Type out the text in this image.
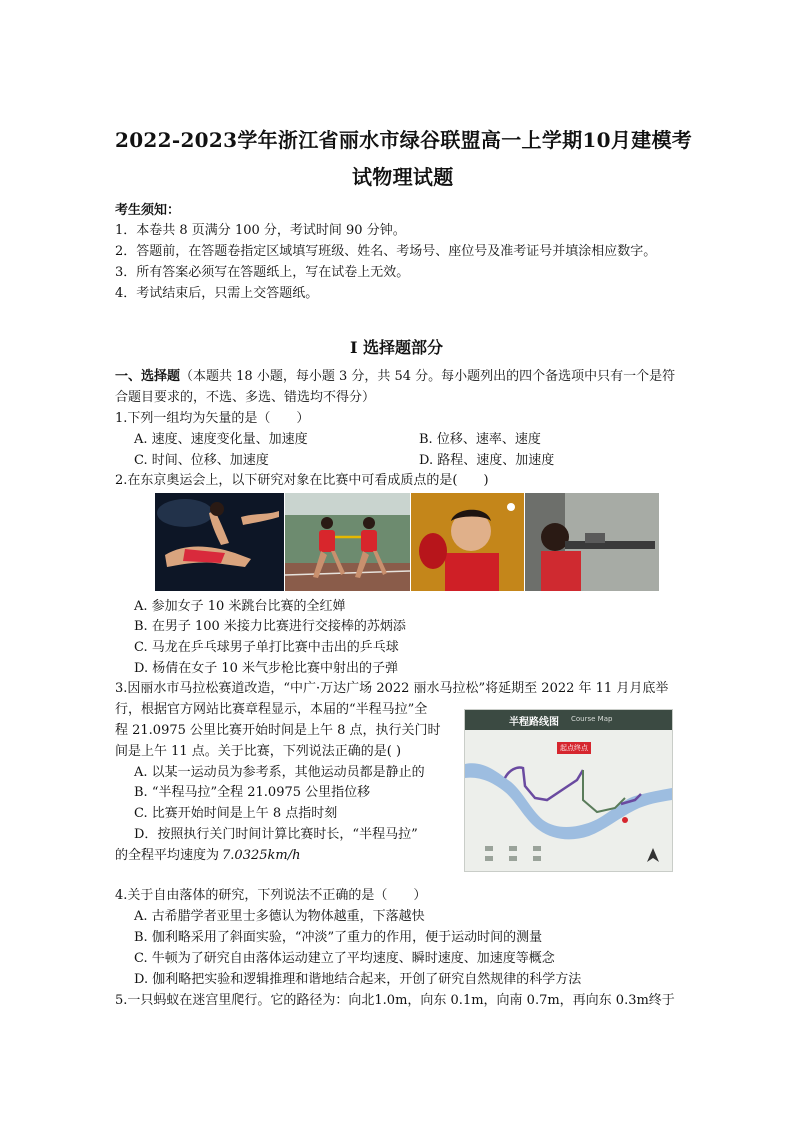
2022-2023学年浙江省丽水市绿谷联盟高一上学期10月建模考
试物理试题
考生须知：
1．本卷共 8 页满分 100 分，考试时间 90 分钟。
2．答题前，在答题卷指定区域填写班级、姓名、考场号、座位号及准考证号并填涂相应数字。
3．所有答案必须写在答题纸上，写在试卷上无效。
4．考试结束后，只需上交答题纸。
Ⅰ 选择题部分
一、选择题（本题共 18 小题，每小题 3 分，共 54 分。每小题列出的四个备选项中只有一个是符
合题目要求的，不选、多选、错选均不得分）
1.下列一组均为矢量的是（　　）
A. 速度、速度变化量、加速度	B. 位移、速率、速度
C. 时间、位移、加速度	D. 路程、速度、加速度
2.在东京奥运会上，以下研究对象在比赛中可看成质点的是(　　)
A. 参加女子 10 米跳台比赛的全红婵
B. 在男子 100 米接力比赛进行交接棒的苏炳添
C. 马龙在乒乓球男子单打比赛中击出的乒乓球
D. 杨倩在女子 10 米气步枪比赛中射出的子弹
3.因丽水市马拉松赛道改造，“中广·万达广场 2022 丽水马拉松”将延期至 2022 年 11 月月底举
行，根据官方网站比赛章程显示，本届的“半程马拉”全
程 21.0975 公里比赛开始时间是上午 8 点，执行关门时
间是上午 11 点。关于比赛，下列说法正确的是( )
A. 以某一运动员为参考系，其他运动员都是静止的
B. “半程马拉”全程 21.0975 公里指位移
C. 比赛开始时间是上午 8 点指时刻
D．按照执行关门时间计算比赛时长，“半程马拉”
的全程平均速度为 7.0325km/h
半程路线图 Course Map
起点终点
4.关于自由落体的研究，下列说法不正确的是（　　）
A. 古希腊学者亚里士多德认为物体越重，下落越快
B. 伽利略采用了斜面实验，“冲淡”了重力的作用，便于运动时间的测量
C. 牛顿为了研究自由落体运动建立了平均速度、瞬时速度、加速度等概念
D. 伽利略把实验和逻辑推理和谐地结合起来，开创了研究自然规律的科学方法
5.一只蚂蚁在迷宫里爬行。它的路径为：向北1.0m，向东 0.1m，向南 0.7m，再向东 0.3m终于
